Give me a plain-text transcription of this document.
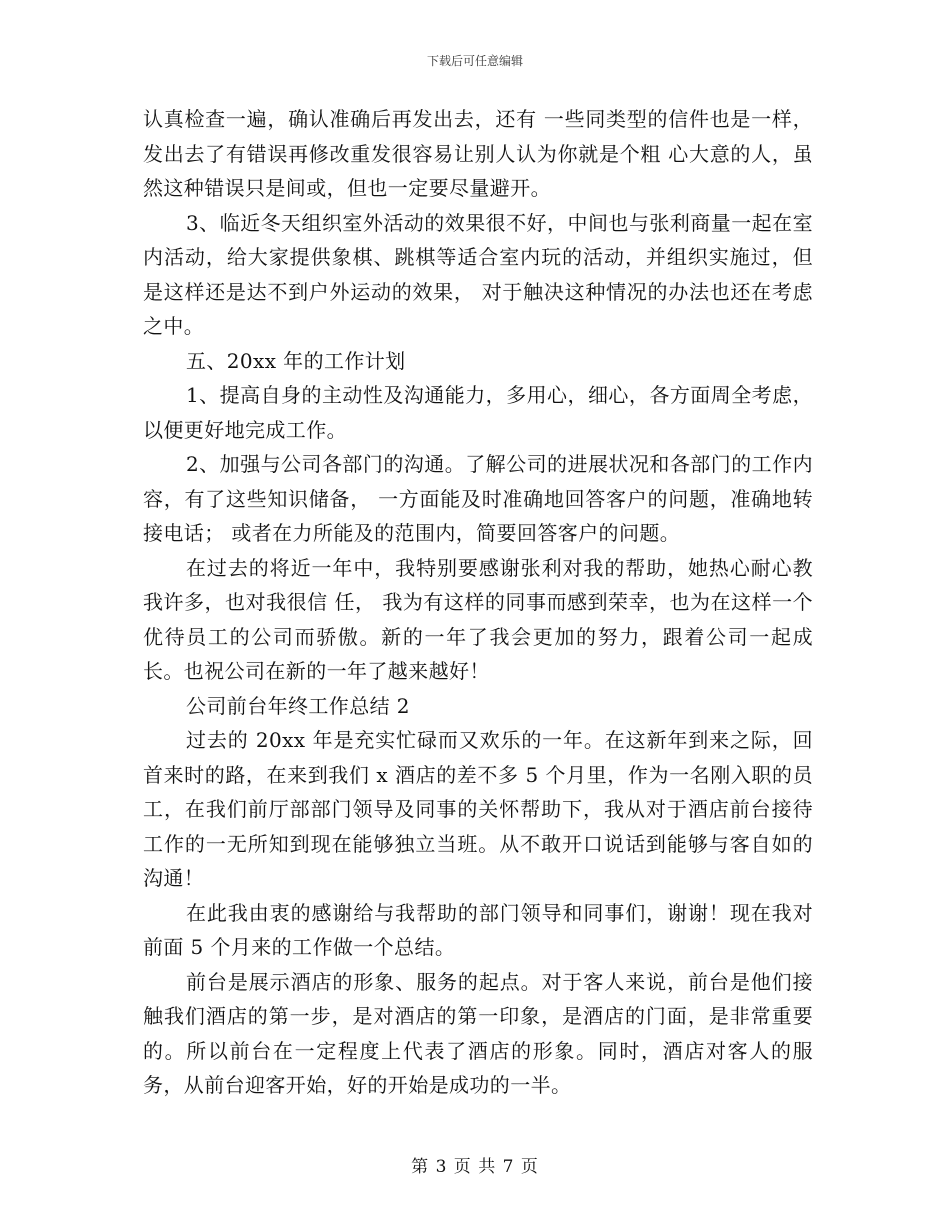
下载后可任意编辑

认真检查一遍，确认准确后再发出去，还有 一些同类型的信件也是一样，发出去了有错误再修改重发很容易让别人认为你就是个粗 心大意的人，虽然这种错误只是间或，但也一定要尽量避开。

3、临近冬天组织室外活动的效果很不好，中间也与张利商量一起在室内活动，给大家提供象棋、跳棋等适合室内玩的活动，并组织实施过，但是这样还是达不到户外运动的效果， 对于触决这种情况的办法也还在考虑之中。

五、20xx 年的工作计划

1、提高自身的主动性及沟通能力，多用心，细心，各方面周全考虑，以便更好地完成工作。

2、加强与公司各部门的沟通。了解公司的进展状况和各部门的工作内容，有了这些知识储备， 一方面能及时准确地回答客户的问题，准确地转接电话； 或者在力所能及的范围内，简要回答客户的问题。

在过去的将近一年中，我特别要感谢张利对我的帮助，她热心耐心教我许多，也对我很信 任， 我为有这样的同事而感到荣幸，也为在这样一个优待员工的公司而骄傲。新的一年了我会更加的努力，跟着公司一起成长。也祝公司在新的一年了越来越好！

公司前台年终工作总结 2

过去的 20xx 年是充实忙碌而又欢乐的一年。在这新年到来之际，回首来时的路，在来到我们 x 酒店的差不多 5 个月里，作为一名刚入职的员工，在我们前厅部部门领导及同事的关怀帮助下，我从对于酒店前台接待工作的一无所知到现在能够独立当班。从不敢开口说话到能够与客自如的沟通！

在此我由衷的感谢给与我帮助的部门领导和同事们，谢谢！现在我对前面 5 个月来的工作做一个总结。

前台是展示酒店的形象、服务的起点。对于客人来说，前台是他们接触我们酒店的第一步，是对酒店的第一印象，是酒店的门面，是非常重要的。所以前台在一定程度上代表了酒店的形象。同时，酒店对客人的服务，从前台迎客开始，好的开始是成功的一半。

第 3 页 共 7 页
